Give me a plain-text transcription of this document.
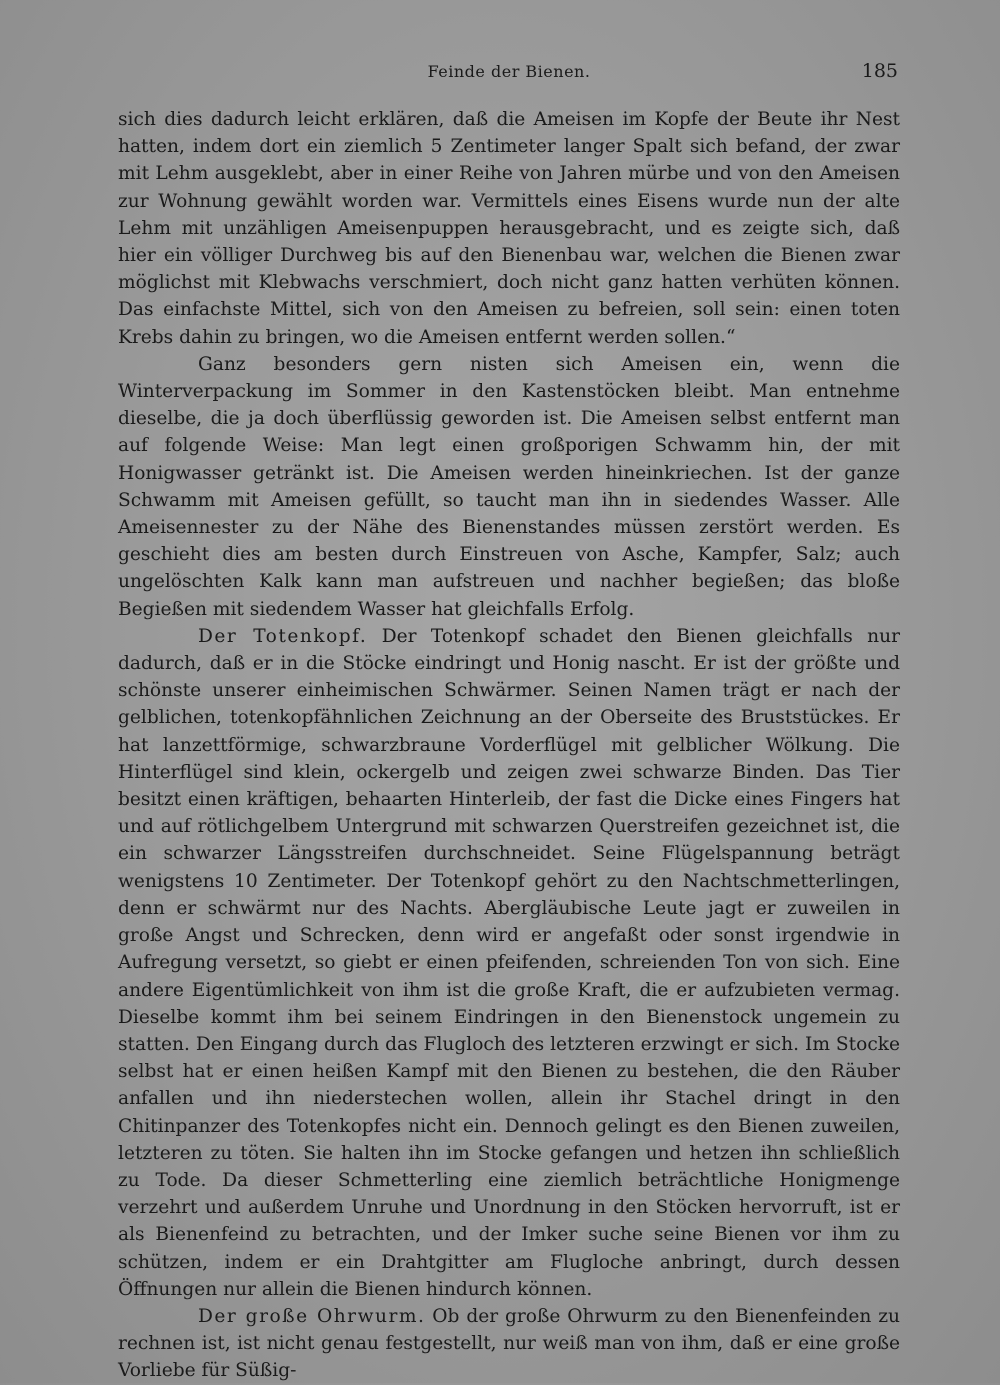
Feinde der Bienen.	185

sich dies dadurch leicht erklären, daß die Ameisen im Kopfe der Beute ihr Nest hatten, indem dort ein ziemlich 5 Zentimeter langer Spalt sich befand, der zwar mit Lehm ausgeklebt, aber in einer Reihe von Jahren mürbe und von den Ameisen zur Wohnung gewählt worden war. Vermittels eines Eisens wurde nun der alte Lehm mit unzähligen Ameisenpuppen herausgebracht, und es zeigte sich, daß hier ein völliger Durchweg bis auf den Bienenbau war, welchen die Bienen zwar möglichst mit Klebwachs verschmiert, doch nicht ganz hatten verhüten können. Das einfachste Mittel, sich von den Ameisen zu befreien, soll sein: einen toten Krebs dahin zu bringen, wo die Ameisen entfernt werden sollen.“

Ganz besonders gern nisten sich Ameisen ein, wenn die Winterverpackung im Sommer in den Kastenstöcken bleibt. Man entnehme dieselbe, die ja doch überflüssig geworden ist. Die Ameisen selbst entfernt man auf folgende Weise: Man legt einen großporigen Schwamm hin, der mit Honigwasser getränkt ist. Die Ameisen werden hineinkriechen. Ist der ganze Schwamm mit Ameisen gefüllt, so taucht man ihn in siedendes Wasser. Alle Ameisennester zu der Nähe des Bienenstandes müssen zerstört werden. Es geschieht dies am besten durch Einstreuen von Asche, Kampfer, Salz; auch ungelöschten Kalk kann man aufstreuen und nachher begießen; das bloße Begießen mit siedendem Wasser hat gleichfalls Erfolg.

Der Totenkopf. Der Totenkopf schadet den Bienen gleichfalls nur dadurch, daß er in die Stöcke eindringt und Honig nascht. Er ist der größte und schönste unserer einheimischen Schwärmer. Seinen Namen trägt er nach der gelblichen, totenkopfähnlichen Zeichnung an der Oberseite des Bruststückes. Er hat lanzettförmige, schwarzbraune Vorderflügel mit gelblicher Wölkung. Die Hinterflügel sind klein, ockergelb und zeigen zwei schwarze Binden. Das Tier besitzt einen kräftigen, behaarten Hinterleib, der fast die Dicke eines Fingers hat und auf rötlichgelbem Untergrund mit schwarzen Querstreifen gezeichnet ist, die ein schwarzer Längsstreifen durchschneidet. Seine Flügelspannung beträgt wenigstens 10 Zentimeter. Der Totenkopf gehört zu den Nachtschmetterlingen, denn er schwärmt nur des Nachts. Abergläubische Leute jagt er zuweilen in große Angst und Schrecken, denn wird er angefaßt oder sonst irgendwie in Aufregung versetzt, so giebt er einen pfeifenden, schreienden Ton von sich. Eine andere Eigentümlichkeit von ihm ist die große Kraft, die er aufzubieten vermag. Dieselbe kommt ihm bei seinem Eindringen in den Bienenstock ungemein zu statten. Den Eingang durch das Flugloch des letzteren erzwingt er sich. Im Stocke selbst hat er einen heißen Kampf mit den Bienen zu bestehen, die den Räuber anfallen und ihn niederstechen wollen, allein ihr Stachel dringt in den Chitinpanzer des Totenkopfes nicht ein. Dennoch gelingt es den Bienen zuweilen, letzteren zu töten. Sie halten ihn im Stocke gefangen und hetzen ihn schließlich zu Tode. Da dieser Schmetterling eine ziemlich beträchtliche Honigmenge verzehrt und außerdem Unruhe und Unordnung in den Stöcken hervorruft, ist er als Bienenfeind zu betrachten, und der Imker suche seine Bienen vor ihm zu schützen, indem er ein Drahtgitter am Flugloche anbringt, durch dessen Öffnungen nur allein die Bienen hindurch können.

Der große Ohrwurm. Ob der große Ohrwurm zu den Bienenfeinden zu rechnen ist, ist nicht genau festgestellt, nur weiß man von ihm, daß er eine große Vorliebe für Süßig-
